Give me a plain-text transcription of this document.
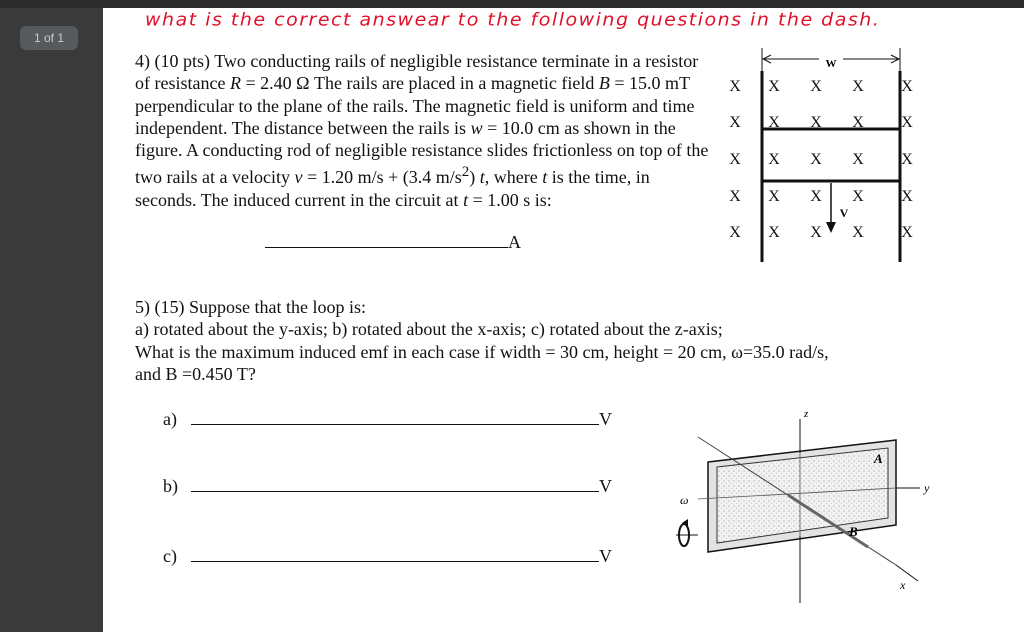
1 of 1
what is the correct answear to the following questions in the dash.

4) (10 pts) Two conducting rails of negligible resistance terminate in a resistor of resistance R = 2.40 Ω The rails are placed in a magnetic field B = 15.0 mT perpendicular to the plane of the rails. The magnetic field is uniform and time independent. The distance between the rails is w = 10.0 cm as shown in the figure. A conducting rod of negligible resistance slides frictionless on top of the two rails at a velocity v = 1.20 m/s + (3.4 $m/s^2$) t, where t is the time, in seconds. The induced current in the circuit at t = 1.00 s is:

A
W
V
X X X X X
X X X X X
X X X X X
X X X X X
X X X X X

5) (15) Suppose that the loop is:

a) rotated about the y-axis; b) rotated about the x-axis; c) rotated about the z-axis;

What is the maximum induced emf in each case if width = 30 cm, height = 20 cm, ω=35.0 rad/s,

and B =0.450 T?

a)	V
b)	V
c)	V
z
y
x
A
B
ω
